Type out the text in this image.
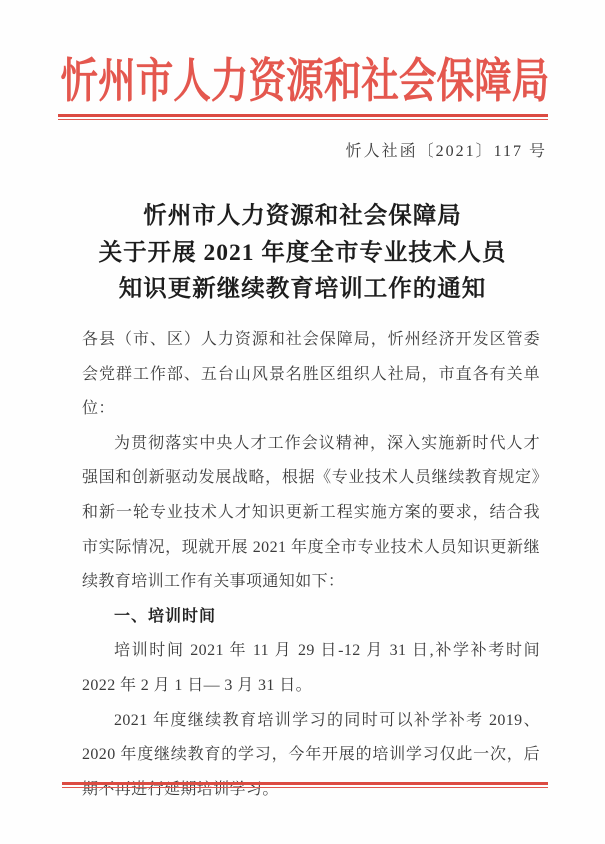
忻州市人力资源和社会保障局
忻人社函〔2021〕117 号
忻州市人力资源和社会保障局
关于开展 2021 年度全市专业技术人员
知识更新继续教育培训工作的通知

各县（市、区）人力资源和社会保障局，忻州经济开发区管委会党群工作部、五台山风景名胜区组织人社局，市直各有关单位：

为贯彻落实中央人才工作会议精神，深入实施新时代人才强国和创新驱动发展战略，根据《专业技术人员继续教育规定》和新一轮专业技术人才知识更新工程实施方案的要求，结合我市实际情况，现就开展 2021 年度全市专业技术人员知识更新继续教育培训工作有关事项通知如下：

一、培训时间

培训时间 2021 年 11 月 29 日-12 月 31 日,补学补考时间 2022 年 2 月 1 日— 3 月 31 日。

2021 年度继续教育培训学习的同时可以补学补考 2019、2020 年度继续教育的学习，今年开展的培训学习仅此一次，后期不再进行延期培训学习。
